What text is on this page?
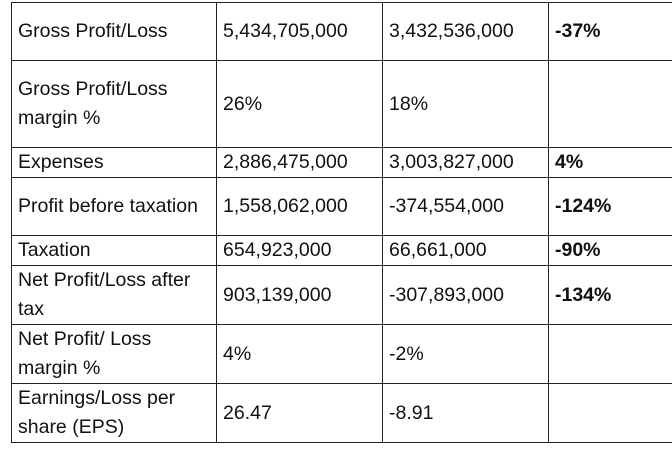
Gross Profit/Loss	5,434,705,000	3,432,536,000	-37%
Gross Profit/Loss margin %	26%	18%	
Expenses	2,886,475,000	3,003,827,000	4%
Profit before taxation	1,558,062,000	-374,554,000	-124%
Taxation	654,923,000	66,661,000	-90%
Net Profit/Loss after tax	903,139,000	-307,893,000	-134%
Net Profit/ Loss margin %	4%	-2%	
Earnings/Loss per share (EPS)	26.47	-8.91	
